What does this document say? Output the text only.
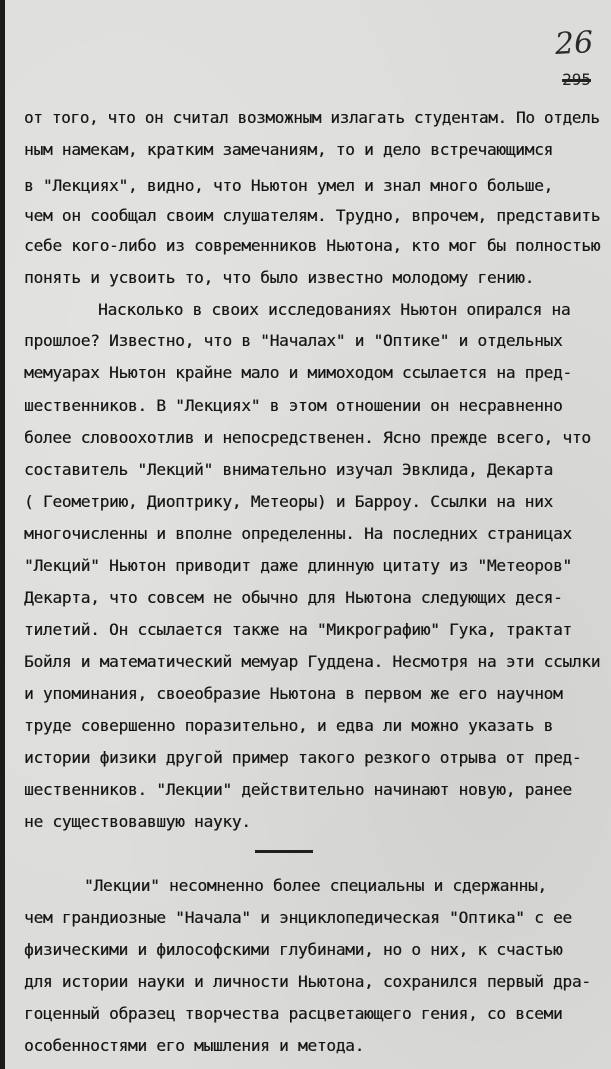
26
295
от того, что он считал возможным излагать студентам. По отдель
ным намекам, кратким замечаниям, то и дело встречающимся
в "Лекциях", видно, что Ньютон умел и знал много больше,
чем он сообщал своим слушателям. Трудно, впрочем, представить
себе кого-либо из современников Ньютона, кто мог бы полностью
понять и усвоить то, что было известно молодому гению.
Насколько в своих исследованиях Ньютон опирался на
прошлое? Известно, что в "Началах" и "Оптике" и отдельных
мемуарах Ньютон крайне мало и мимоходом ссылается на пред-
шественников. В "Лекциях" в этом отношении он несравненно
более словоохотлив и непосредственен. Ясно прежде всего, что
составитель "Лекций" внимательно изучал Эвклида, Декарта
( Геометрию, Диоптрику, Метеоры) и Барроу. Ссылки на них
многочисленны и вполне определенны. На последних страницах
"Лекций" Ньютон приводит даже длинную цитату из "Метеоров"
Декарта, что совсем не обычно для Ньютона следующих деся-
тилетий. Он ссылается также на "Микрографию" Гука, трактат
Бойля и математический мемуар Гуддена. Несмотря на эти ссылки
и упоминания, своеобразие Ньютона в первом же его научном
труде совершенно поразительно, и едва ли можно указать в
истории физики другой пример такого резкого отрыва от пред-
шественников. "Лекции" действительно начинают новую, ранее
не существовавшую науку.
"Лекции" несомненно более специальны и сдержанны,
чем грандиозные "Начала" и энциклопедическая "Оптика" с ее
физическими и философскими глубинами, но о них, к счастью
для истории науки и личности Ньютона, сохранился первый дра-
гоценный образец творчества расцветающего гения, со всеми
особенностями его мышления и метода.
